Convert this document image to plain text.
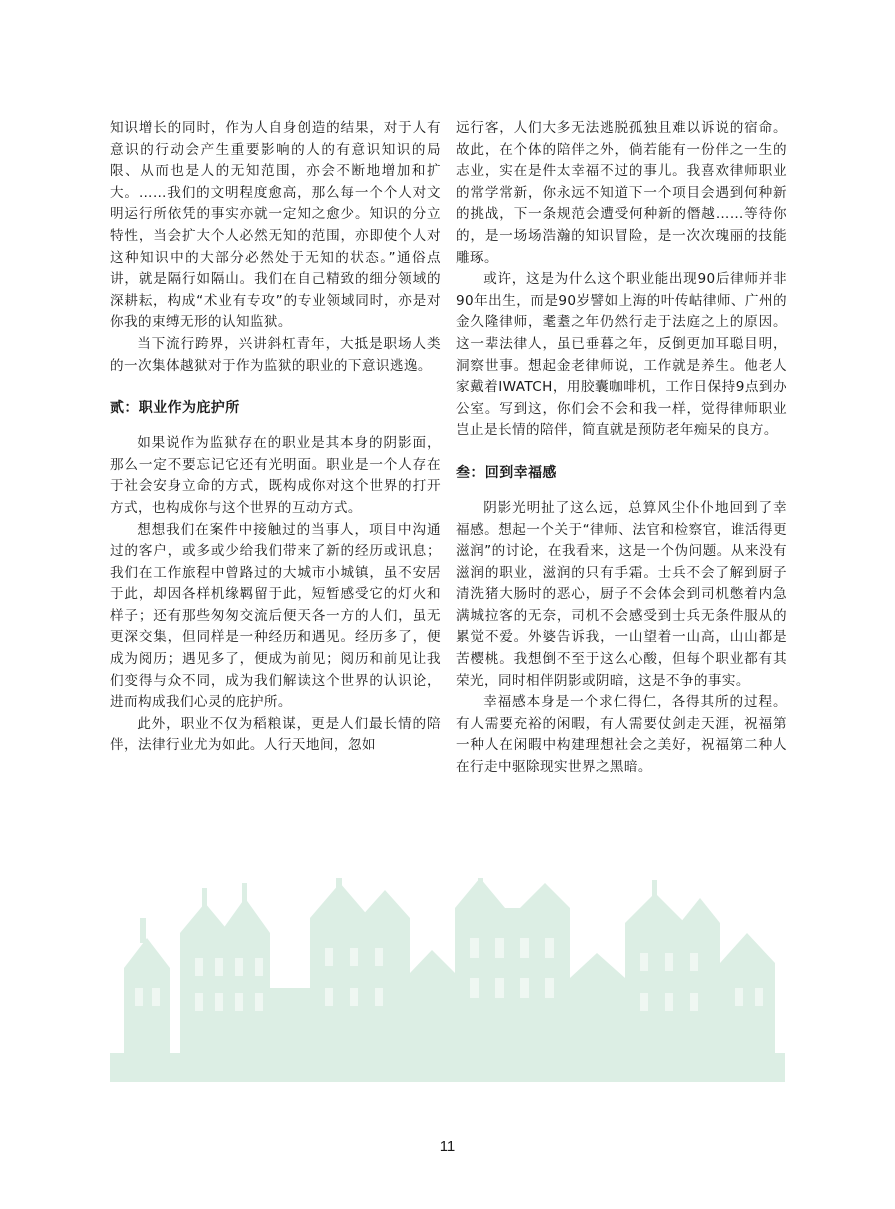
知识增长的同时，作为人自身创造的结果，对于人有意识的行动会产生重要影响的人的有意识知识的局限、从而也是人的无知范围，亦会不断地增加和扩大。……我们的文明程度愈高，那么每一个个人对文明运行所依凭的事实亦就一定知之愈少。知识的分立特性，当会扩大个人必然无知的范围，亦即使个人对这种知识中的大部分必然处于无知的状态。”通俗点讲，就是隔行如隔山。我们在自己精致的细分领域的深耕耘，构成“术业有专攻”的专业领域同时，亦是对你我的束缚无形的认知监狱。

当下流行跨界，兴讲斜杠青年，大抵是职场人类的一次集体越狱对于作为监狱的职业的下意识逃逸。

贰：职业作为庇护所

如果说作为监狱存在的职业是其本身的阴影面，那么一定不要忘记它还有光明面。职业是一个人存在于社会安身立命的方式，既构成你对这个世界的打开方式，也构成你与这个世界的互动方式。

想想我们在案件中接触过的当事人，项目中沟通过的客户，或多或少给我们带来了新的经历或讯息；我们在工作旅程中曾路过的大城市小城镇，虽不安居于此，却因各样机缘羁留于此，短暂感受它的灯火和样子；还有那些匆匆交流后便天各一方的人们，虽无更深交集，但同样是一种经历和遇见。经历多了，便成为阅历；遇见多了，便成为前见；阅历和前见让我们变得与众不同，成为我们解读这个世界的认识论，进而构成我们心灵的庇护所。

此外，职业不仅为稻粮谋，更是人们最长情的陪伴，法律行业尤为如此。人行天地间，忽如

远行客，人们大多无法逃脱孤独且难以诉说的宿命。故此，在个体的陪伴之外，倘若能有一份伴之一生的志业，实在是件太幸福不过的事儿。我喜欢律师职业的常学常新，你永远不知道下一个项目会遇到何种新的挑战，下一条规范会遭受何种新的僭越……等待你的，是一场场浩瀚的知识冒险，是一次次瑰丽的技能雕琢。

或许，这是为什么这个职业能出现90后律师并非90年出生，而是90岁譬如上海的叶传岵律师、广州的金久隆律师，耄耋之年仍然行走于法庭之上的原因。这一辈法律人，虽已垂暮之年，反倒更加耳聪目明，洞察世事。想起金老律师说，工作就是养生。他老人家戴着IWATCH，用胶囊咖啡机，工作日保持9点到办公室。写到这，你们会不会和我一样，觉得律师职业岂止是长情的陪伴，简直就是预防老年痴呆的良方。

叁：回到幸福感

阴影光明扯了这么远，总算风尘仆仆地回到了幸福感。想起一个关于“律师、法官和检察官，谁活得更滋润”的讨论，在我看来，这是一个伪问题。从来没有滋润的职业，滋润的只有手霜。士兵不会了解到厨子清洗猪大肠时的恶心，厨子不会体会到司机憋着内急满城拉客的无奈，司机不会感受到士兵无条件服从的累觉不爱。外婆告诉我，一山望着一山高，山山都是苦樱桃。我想倒不至于这么心酸，但每个职业都有其荣光，同时相伴阴影或阴暗，这是不争的事实。

幸福感本身是一个求仁得仁，各得其所的过程。有人需要充裕的闲暇，有人需要仗剑走天涯，祝福第一种人在闲暇中构建理想社会之美好，祝福第二种人在行走中驱除现实世界之黑暗。

11
